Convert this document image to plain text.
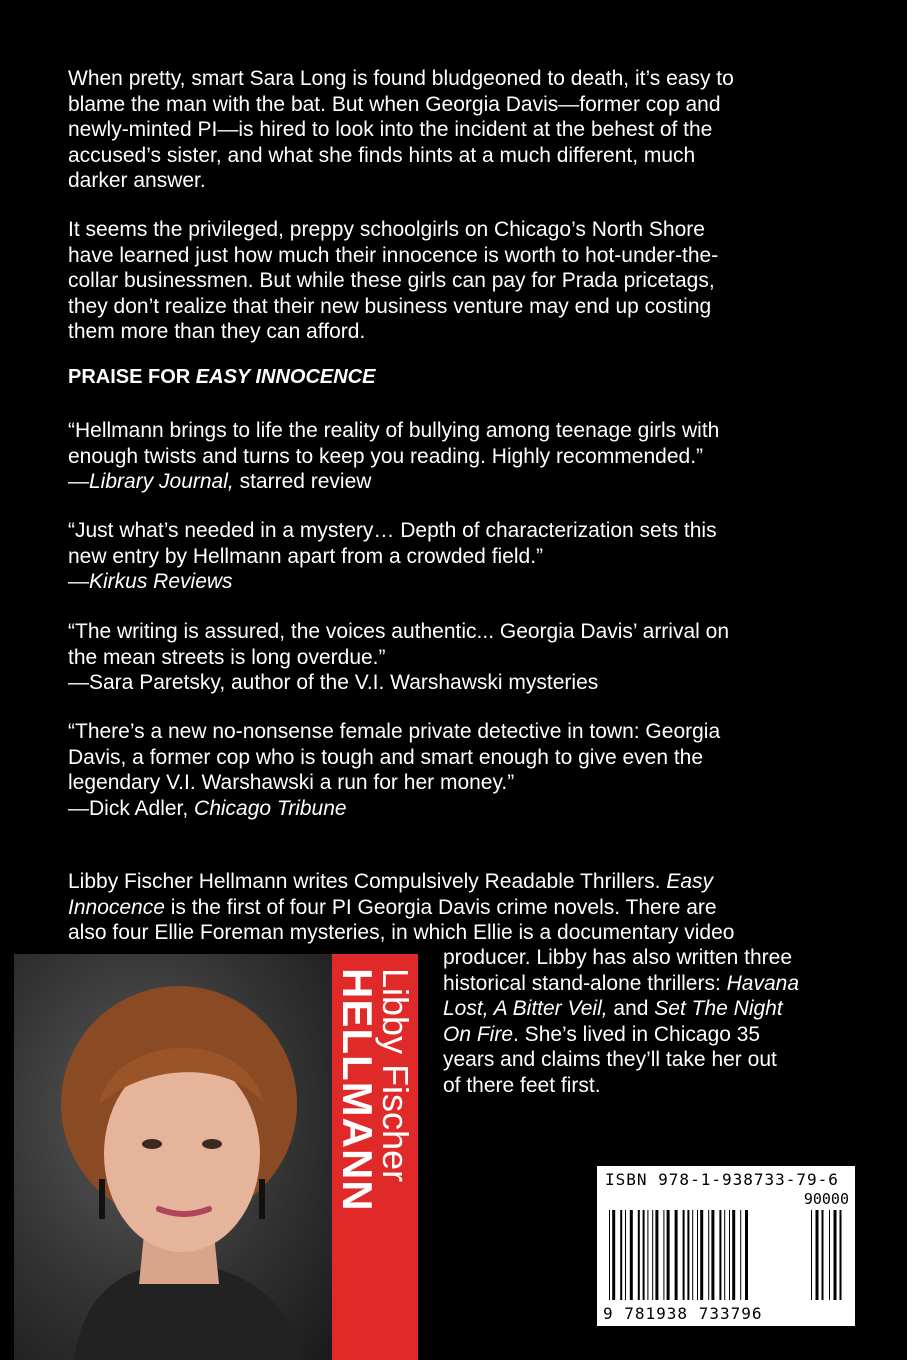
When pretty, smart Sara Long is found bludgeoned to death, it’s easy to
blame the man with the bat. But when Georgia Davis—former cop and
newly-minted PI—is hired to look into the incident at the behest of the
accused’s sister, and what she finds hints at a much different, much
darker answer.
It seems the privileged, preppy schoolgirls on Chicago’s North Shore
have learned just how much their innocence is worth to hot-under-the-
collar businessmen. But while these girls can pay for Prada pricetags,
they don’t realize that their new business venture may end up costing
them more than they can afford.
PRAISE FOR EASY INNOCENCE
“Hellmann brings to life the reality of bullying among teenage girls with
enough twists and turns to keep you reading. Highly recommended.”
—Library Journal, starred review
“Just what’s needed in a mystery… Depth of characterization sets this
new entry by Hellmann apart from a crowded field.”
—Kirkus Reviews
“The writing is assured, the voices authentic... Georgia Davis’ arrival on
the mean streets is long overdue.”
—Sara Paretsky, author of the V.I. Warshawski mysteries
“There’s a new no-nonsense female private detective in town: Georgia
Davis, a former cop who is tough and smart enough to give even the
legendary V.I. Warshawski a run for her money.”
—Dick Adler, Chicago Tribune
Libby Fischer Hellmann writes Compulsively Readable Thrillers. Easy
Innocence is the first of four PI Georgia Davis crime novels. There are
also four Ellie Foreman mysteries, in which Ellie is a documentary video
producer. Libby has also written three
historical stand-alone thrillers: Havana
Lost, A Bitter Veil, and Set The Night
On Fire. She’s lived in Chicago 35
years and claims they’ll take her out
of there feet first.
Libby Fischer
HELLMANN	ISBN 978-1-938733-79-6
90000
9 781938 733796
